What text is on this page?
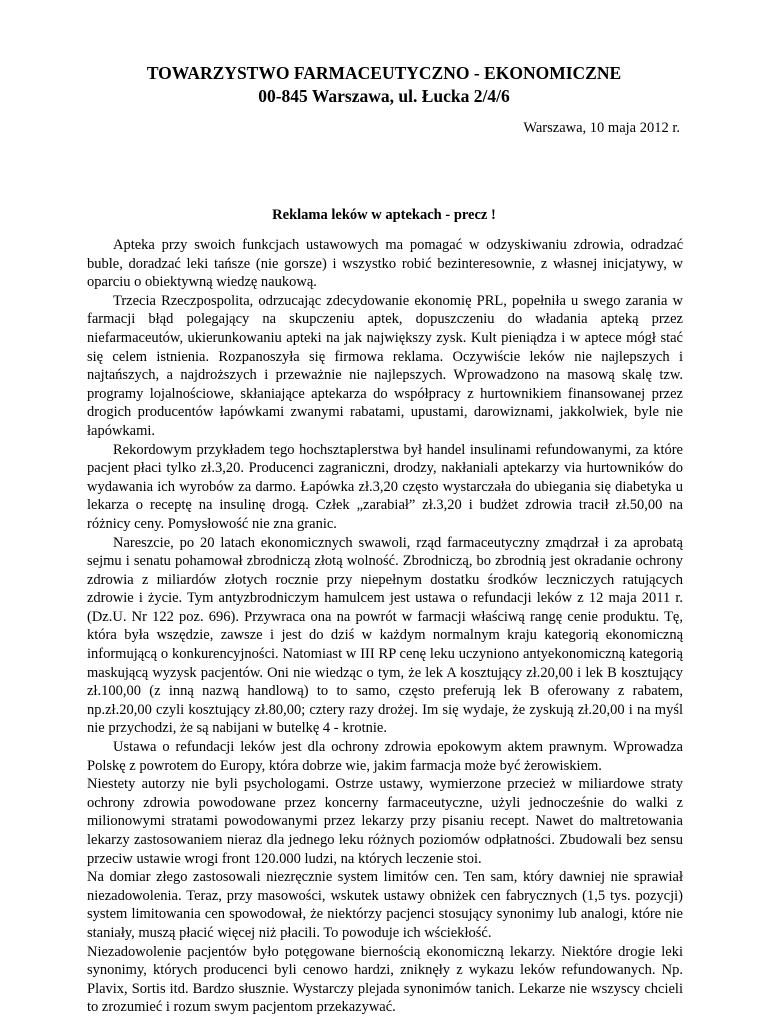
TOWARZYSTWO FARMACEUTYCZNO - EKONOMICZNE
00-845 Warszawa, ul. Łucka 2/4/6
Warszawa, 10 maja 2012 r.
Reklama leków w aptekach - precz !

Apteka przy swoich funkcjach ustawowych ma pomagać w odzyskiwaniu zdrowia, odradzać buble, doradzać leki tańsze (nie gorsze) i wszystko robić bezinteresownie, z własnej inicjatywy, w oparciu o obiektywną wiedzę naukową.

Trzecia Rzeczpospolita, odrzucając zdecydowanie ekonomię PRL, popełniła u swego zarania w farmacji błąd polegający na skupczeniu aptek, dopuszczeniu do władania apteką przez niefarmaceutów, ukierunkowaniu apteki na jak największy zysk. Kult pieniądza i w aptece mógł stać się celem istnienia. Rozpanoszyła się firmowa reklama. Oczywiście leków nie najlepszych i najtańszych, a najdroższych i przeważnie nie najlepszych. Wprowadzono na masową skalę tzw. programy lojalnościowe, skłaniające aptekarza do współpracy z hurtownikiem finansowanej przez drogich producentów łapówkami zwanymi rabatami, upustami, darowiznami, jakkolwiek, byle nie łapówkami.

Rekordowym przykładem tego hochsztaplerstwa był handel insulinami refundowanymi, za które pacjent płaci tylko zł.3,20. Producenci zagraniczni, drodzy, nakłaniali aptekarzy via hurtowników do wydawania ich wyrobów za darmo. Łapówka zł.3,20 często wystarczała do ubiegania się diabetyka u lekarza o receptę na insulinę drogą. Człek „zarabiał” zł.3,20 i budżet zdrowia tracił zł.50,00 na różnicy ceny. Pomysłowość nie zna granic.

Nareszcie, po 20 latach ekonomicznych swawoli, rząd farmaceutyczny zmądrzał i za aprobatą sejmu i senatu pohamował zbrodniczą złotą wolność. Zbrodniczą, bo zbrodnią jest okradanie ochrony zdrowia z miliardów złotych rocznie przy niepełnym dostatku środków leczniczych ratujących zdrowie i życie. Tym antyzbrodniczym hamulcem jest ustawa o refundacji leków z 12 maja 2011 r. (Dz.U. Nr 122 poz. 696). Przywraca ona na powrót w farmacji właściwą rangę cenie produktu. Tę, która była wszędzie, zawsze i jest do dziś w każdym normalnym kraju kategorią ekonomiczną informującą o konkurencyjności. Natomiast w III RP cenę leku uczyniono antyekonomiczną kategorią maskującą wyzysk pacjentów. Oni nie wiedząc o tym, że lek A kosztujący zł.20,00 i lek B kosztujący zł.100,00 (z inną nazwą handlową) to to samo, często preferują lek B oferowany z rabatem, np.zł.20,00 czyli kosztujący zł.80,00; cztery razy drożej. Im się wydaje, że zyskują zł.20,00 i na myśl nie przychodzi, że są nabijani w butelkę 4 - krotnie.

Ustawa o refundacji leków jest dla ochrony zdrowia epokowym aktem prawnym. Wprowadza Polskę z powrotem do Europy, która dobrze wie, jakim farmacja może być żerowiskiem.

Niestety autorzy nie byli psychologami. Ostrze ustawy, wymierzone przecież w miliardowe straty ochrony zdrowia powodowane przez koncerny farmaceutyczne, użyli jednocześnie do walki z milionowymi stratami powodowanymi przez lekarzy przy pisaniu recept. Nawet do maltretowania lekarzy zastosowaniem nieraz dla jednego leku różnych poziomów odpłatności. Zbudowali bez sensu przeciw ustawie wrogi front 120.000 ludzi, na których leczenie stoi.

Na domiar złego zastosowali niezręcznie system limitów cen. Ten sam, który dawniej nie sprawiał niezadowolenia. Teraz, przy masowości, wskutek ustawy obniżek cen fabrycznych (1,5 tys. pozycji) system limitowania cen spowodował, że niektórzy pacjenci stosujący synonimy lub analogi, które nie staniały, muszą płacić więcej niż płacili. To powoduje ich wściekłość.

Niezadowolenie pacjentów było potęgowane biernością ekonomiczną lekarzy. Niektóre drogie leki synonimy, których producenci byli cenowo hardzi, zniknęły z wykazu leków refundowanych. Np. Plavix, Sortis itd. Bardzo słusznie. Wystarczy plejada synonimów tanich. Lekarze nie wszyscy chcieli to zrozumieć i rozum swym pacjentom przekazywać.
